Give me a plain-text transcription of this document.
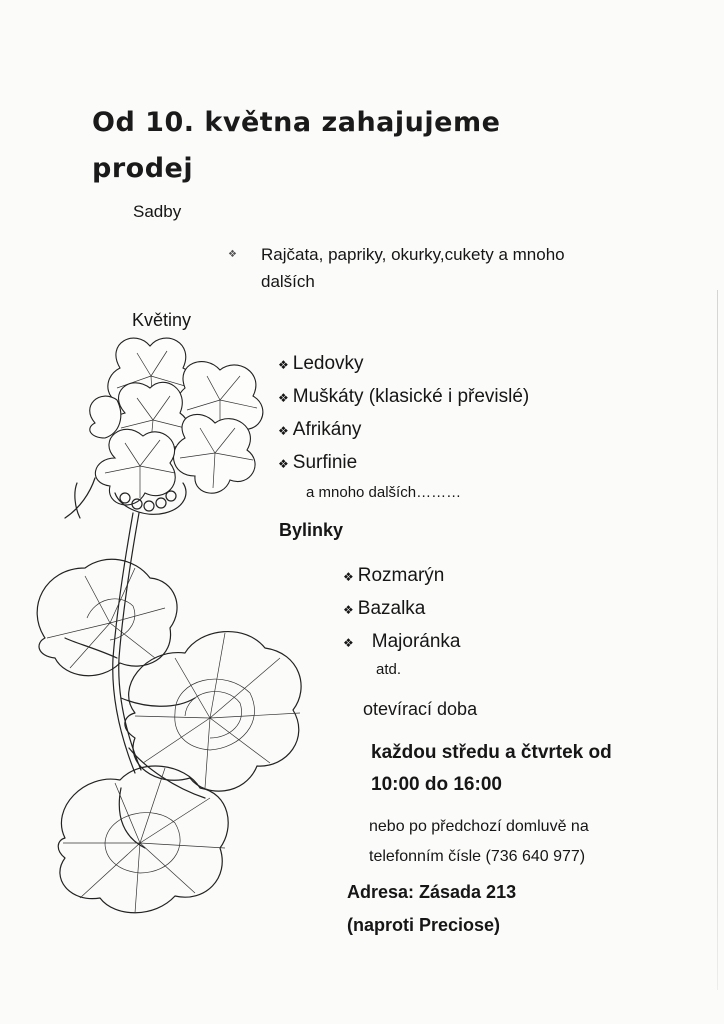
Od 10. května zahajujeme prodej

Sadby

❖	Rajčata, papriky, okurky,cukety a mnoho dalších

Květiny

❖ Ledovky
❖ Muškáty (klasické i převislé)
❖ Afrikány
❖ Surfinie
a mnoho dalších………

Bylinky

❖ Rozmarýn
❖ Bazalka
❖ Majoránka
atd.

otevírací doba

každou středu a čtvrtek od 10:00 do 16:00

nebo po předchozí domluvě na telefonním čísle (736 640 977)

Adresa: Zásada 213
(naproti Preciose)
